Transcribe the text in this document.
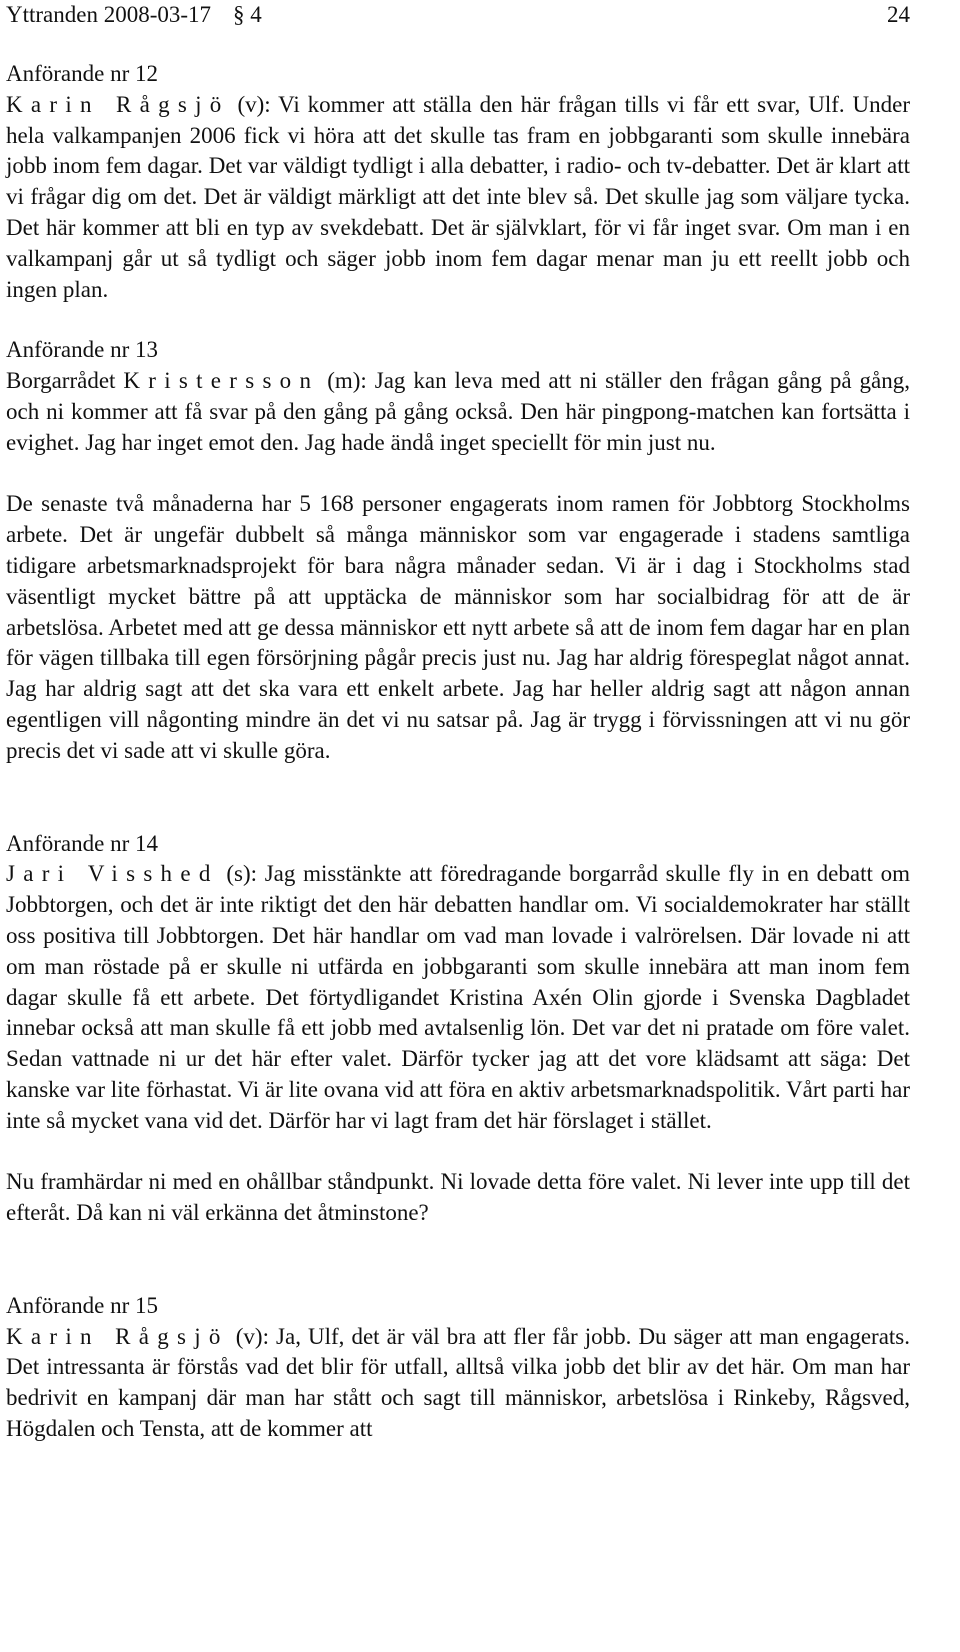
Yttranden 2008-03-17 § 4	24
Anförande nr 12

Karin Rågsjö (v): Vi kommer att ställa den här frågan tills vi får ett svar, Ulf. Under hela valkampanjen 2006 fick vi höra att det skulle tas fram en jobbgaranti som skulle innebära jobb inom fem dagar. Det var väldigt tydligt i alla debatter, i radio- och tv-debatter. Det är klart att vi frågar dig om det. Det är väldigt märkligt att det inte blev så. Det skulle jag som väljare tycka. Det här kommer att bli en typ av svekdebatt. Det är självklart, för vi får inget svar. Om man i en valkampanj går ut så tydligt och säger jobb inom fem dagar menar man ju ett reellt jobb och ingen plan.

Anförande nr 13

Borgarrådet Kristersson (m): Jag kan leva med att ni ställer den frågan gång på gång, och ni kommer att få svar på den gång på gång också. Den här pingpong-matchen kan fortsätta i evighet. Jag har inget emot den. Jag hade ändå inget speciellt för min just nu.

De senaste två månaderna har 5 168 personer engagerats inom ramen för Jobbtorg Stockholms arbete. Det är ungefär dubbelt så många människor som var engagerade i stadens samtliga tidigare arbetsmarknadsprojekt för bara några månader sedan. Vi är i dag i Stockholms stad väsentligt mycket bättre på att upptäcka de människor som har socialbidrag för att de är arbetslösa. Arbetet med att ge dessa människor ett nytt arbete så att de inom fem dagar har en plan för vägen tillbaka till egen försörjning pågår precis just nu. Jag har aldrig förespeglat något annat. Jag har aldrig sagt att det ska vara ett enkelt arbete. Jag har heller aldrig sagt att någon annan egentligen vill någonting mindre än det vi nu satsar på. Jag är trygg i förvissningen att vi nu gör precis det vi sade att vi skulle göra.

Anförande nr 14

Jari Visshed (s): Jag misstänkte att föredragande borgarråd skulle fly in en debatt om Jobbtorgen, och det är inte riktigt det den här debatten handlar om. Vi socialdemokrater har ställt oss positiva till Jobbtorgen. Det här handlar om vad man lovade i valrörelsen. Där lovade ni att om man röstade på er skulle ni utfärda en jobbgaranti som skulle innebära att man inom fem dagar skulle få ett arbete. Det förtydligandet Kristina Axén Olin gjorde i Svenska Dagbladet innebar också att man skulle få ett jobb med avtalsenlig lön. Det var det ni pratade om före valet. Sedan vattnade ni ur det här efter valet. Därför tycker jag att det vore klädsamt att säga: Det kanske var lite förhastat. Vi är lite ovana vid att föra en aktiv arbetsmarknadspolitik. Vårt parti har inte så mycket vana vid det. Därför har vi lagt fram det här förslaget i stället.

Nu framhärdar ni med en ohållbar ståndpunkt. Ni lovade detta före valet. Ni lever inte upp till det efteråt. Då kan ni väl erkänna det åtminstone?

Anförande nr 15

Karin Rågsjö (v): Ja, Ulf, det är väl bra att fler får jobb. Du säger att man engagerats. Det intressanta är förstås vad det blir för utfall, alltså vilka jobb det blir av det här. Om man har bedrivit en kampanj där man har stått och sagt till människor, arbetslösa i Rinkeby, Rågsved, Högdalen och Tensta, att de kommer att
